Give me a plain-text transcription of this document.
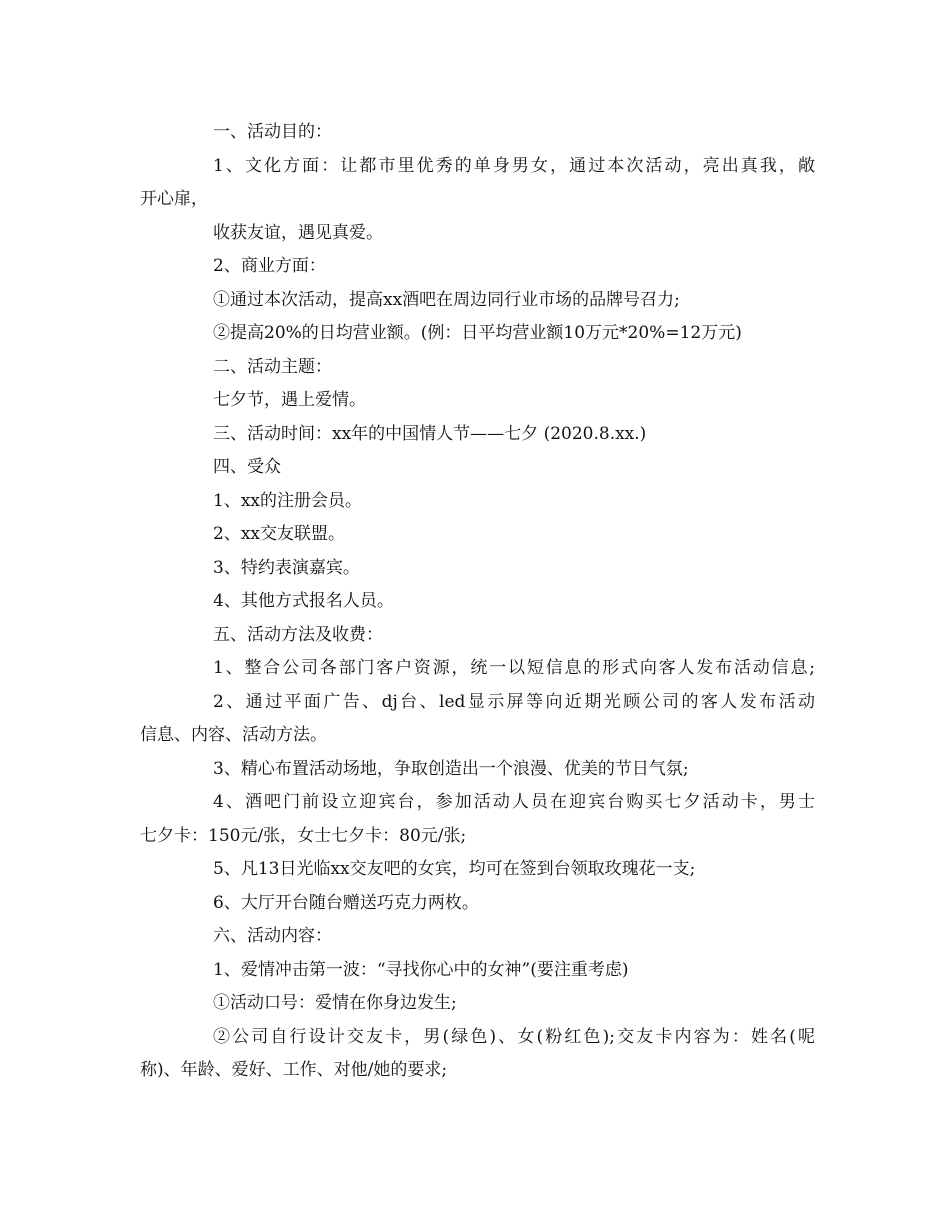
一、活动目的：
1、文化方面：让都市里优秀的单身男女，通过本次活动，亮出真我，敞
开心扉，
收获友谊，遇见真爱。
2、商业方面：
①通过本次活动，提高xx酒吧在周边同行业市场的品牌号召力;
②提高20%的日均营业额。(例：日平均营业额10万元*20%=12万元)
二、活动主题：
七夕节，遇上爱情。
三、活动时间：xx年的中国情人节——七夕 (2020.8.xx.)
四、受众
1、xx的注册会员。
2、xx交友联盟。
3、特约表演嘉宾。
4、其他方式报名人员。
五、活动方法及收费：
1、整合公司各部门客户资源，统一以短信息的形式向客人发布活动信息;
2、通过平面广告、dj台、led显示屏等向近期光顾公司的客人发布活动
信息、内容、活动方法。
3、精心布置活动场地，争取创造出一个浪漫、优美的节日气氛;
4、酒吧门前设立迎宾台，参加活动人员在迎宾台购买七夕活动卡，男士
七夕卡：150元/张，女士七夕卡：80元/张;
5、凡13日光临xx交友吧的女宾，均可在签到台领取玫瑰花一支;
6、大厅开台随台赠送巧克力两枚。
六、活动内容：
1、爱情冲击第一波：“寻找你心中的女神”(要注重考虑)
①活动口号：爱情在你身边发生;
②公司自行设计交友卡，男(绿色)、女(粉红色);交友卡内容为：姓名(呢
称)、年龄、爱好、工作、对他/她的要求;
